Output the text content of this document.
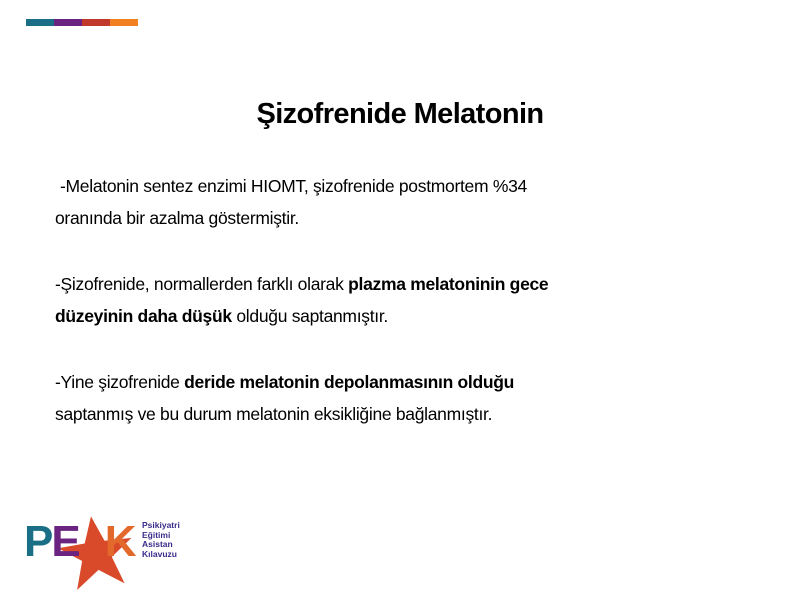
Şizofrenide Melatonin
-Melatonin sentez enzimi HIOMT, şizofrenide postmortem %34
oranında bir azalma göstermiştir.
-Şizofrenide, normallerden farklı olarak plazma melatoninin gece
düzeyinin daha düşük olduğu saptanmıştır.
-Yine şizofrenide deride melatonin depolanmasının olduğu
saptanmış ve bu durum melatonin eksikliğine bağlanmıştır.
PE K Psikiyatri
Eğitimi
Asistan
Kılavuzu
